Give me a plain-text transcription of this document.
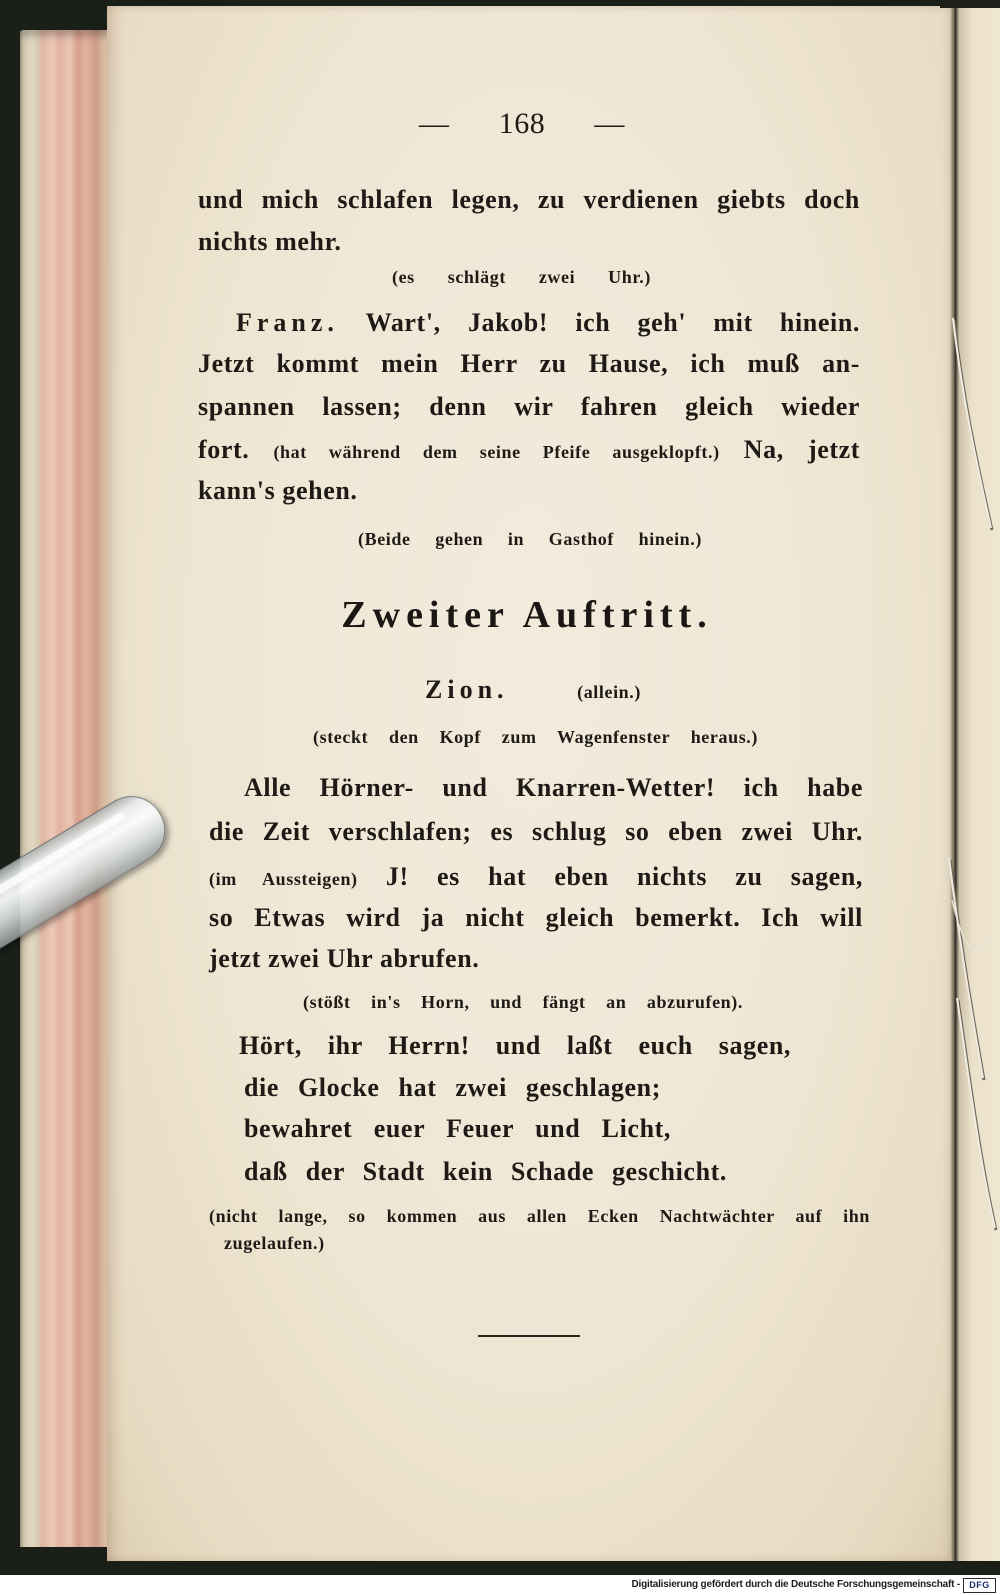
— 168 —
und mich schlafen legen, zu verdienen giebts doch
nichts mehr.
(es schlägt zwei Uhr.)
Franz. Wart', Jakob! ich geh' mit hinein.
Jetzt kommt mein Herr zu Hause, ich muß an-
spannen lassen; denn wir fahren gleich wieder
fort. (hat während dem seine Pfeife ausgeklopft.) Na, jetzt
kann's gehen.
(Beide gehen in Gasthof hinein.)
Zweiter Auftritt.
Zion.	(allein.)
(steckt den Kopf zum Wagenfenster heraus.)
Alle Hörner- und Knarren-Wetter! ich habe
die Zeit verschlafen; es schlug so eben zwei Uhr.
(im Aussteigen) J! es hat eben nichts zu sagen,
so Etwas wird ja nicht gleich bemerkt. Ich will
jetzt zwei Uhr abrufen.
(stößt in's Horn, und fängt an abzurufen).
Hört, ihr Herrn! und laßt euch sagen,
die Glocke hat zwei geschlagen;
bewahret euer Feuer und Licht,
daß der Stadt kein Schade geschicht.
(nicht lange, so kommen aus allen Ecken Nachtwächter auf ihn
zugelaufen.)
Digitalisierung gefördert durch die Deutsche Forschungsgemeinschaft -	DFG
